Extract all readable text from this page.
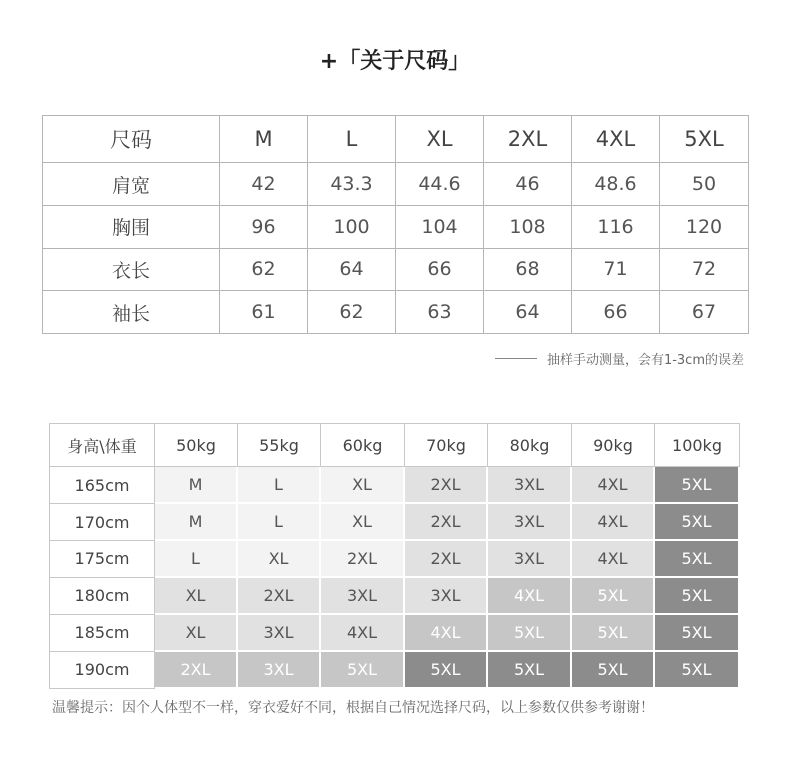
+「关于尺码」
尺码	M	L	XL	2XL	4XL	5XL
肩宽	42	43.3	44.6	46	48.6	50
胸围	96	100	104	108	116	120
衣长	62	64	66	68	71	72
袖长	61	62	63	64	66	67
抽样手动测量，会有1-3cm的误差
身高\体重	50kg	55kg	60kg	70kg	80kg	90kg	100kg
165cm	M	L	XL	2XL	3XL	4XL	5XL
170cm	M	L	XL	2XL	3XL	4XL	5XL
175cm	L	XL	2XL	2XL	3XL	4XL	5XL
180cm	XL	2XL	3XL	3XL	4XL	5XL	5XL
185cm	XL	3XL	4XL	4XL	5XL	5XL	5XL
190cm	2XL	3XL	5XL	5XL	5XL	5XL	5XL
温馨提示：因个人体型不一样，穿衣爱好不同，根据自己情况选择尺码，以上参数仅供参考谢谢！
